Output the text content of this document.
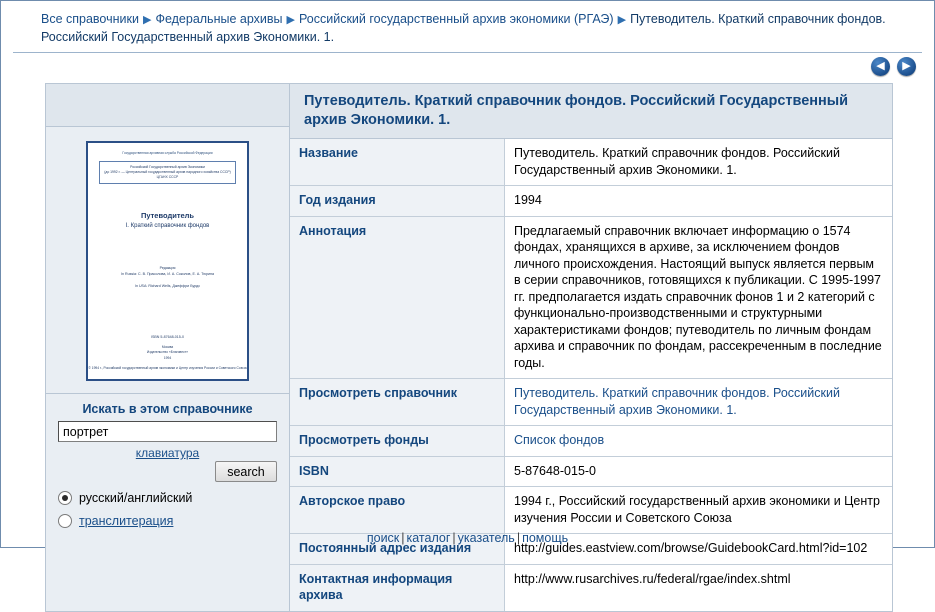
Все справочники ▶ Федеральные архивы ▶ Российский государственный архив экономики (РГАЭ) ▶ Путеводитель. Краткий справочник фондов. Российский Государственный архив Экономики. 1.
◀	▶
Государственная архивная служба Российской Федерации
Российский Государственный архив Экономики
(до 1992 г. — Центральный государственный архив народного хозяйства СССР)
ЦГАНХ СССР
Путеводитель
I. Краткий справочник фондов
Редакция
In Russia: С. В. Прасолова, И. А. Соколов, Е. А. Тюрина
In USA: Richard Wells, Джеффри Бурдс
ISBN 5-87648-015-0
Москва
Издательство «Благовест»
1994
© 1994 г., Российский государственный архив экономики и Центр изучения России и Советского Союза
Искать в этом справочнике
портрет
клавиатура
search
русский/английский
транслитерация
Путеводитель. Краткий справочник фондов. Российский Государственный архив Экономики. 1.
Название	Путеводитель. Краткий справочник фондов. Российский Государственный архив Экономики. 1.
Год издания	1994
Аннотация	Предлагаемый справочник включает информацию о 1574 фондах, хранящихся в архиве, за исключением фондов личного происхождения. Настоящий выпуск является первым в серии справочников, готовящихся к публикации. С 1995-1997 гг. предполагается издать справочник фонов 1 и 2 категорий с функционально-производственными и структурными характеристиками фондов; путеводитель по личным фондам архива и справочник по фондам, рассекреченным в последние годы.
Просмотреть справочник	Путеводитель. Краткий справочник фондов. Российский Государственный архив Экономики. 1.
Просмотреть фонды	Список фондов
ISBN	5-87648-015-0
Авторское право	1994 г., Российский государственный архив экономики и Центр изучения России и Советского Союза
Постоянный адрес издания	http://guides.eastview.com/browse/GuidebookCard.html?id=102
Контактная информация архива	http://www.rusarchives.ru/federal/rgae/index.shtml
поиск | каталог | указатель | помощь
